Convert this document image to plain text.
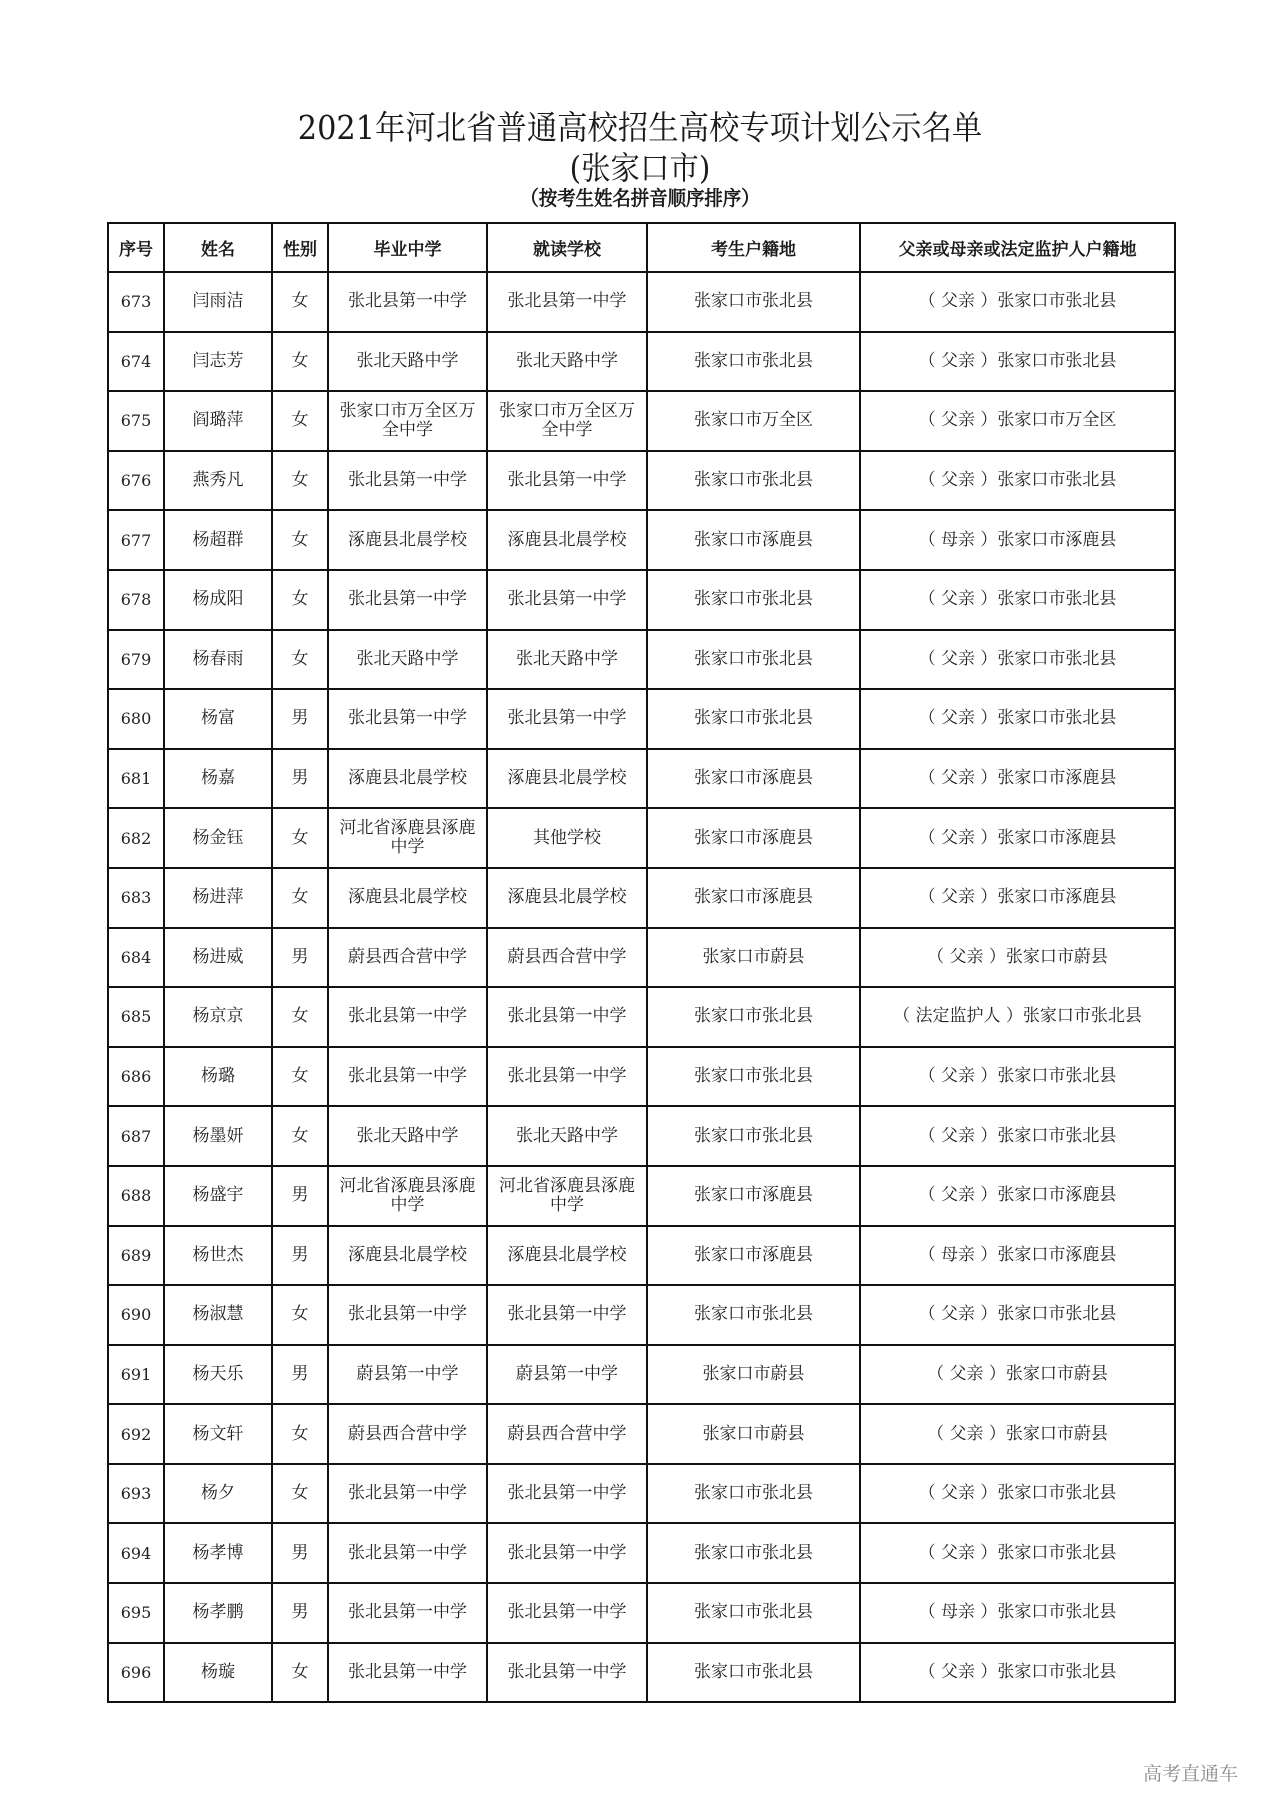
2021年河北省普通高校招生高校专项计划公示名单
(张家口市)
（按考生姓名拼音顺序排序）
序号	姓名	性别	毕业中学	就读学校	考生户籍地	父亲或母亲或法定监护人户籍地
673	闫雨洁	女	张北县第一中学	张北县第一中学	张家口市张北县	（ 父亲 ）张家口市张北县
674	闫志芳	女	张北天路中学	张北天路中学	张家口市张北县	（ 父亲 ）张家口市张北县
675	阎璐萍	女	张家口市万全区万全中学	张家口市万全区万全中学	张家口市万全区	（ 父亲 ）张家口市万全区
676	燕秀凡	女	张北县第一中学	张北县第一中学	张家口市张北县	（ 父亲 ）张家口市张北县
677	杨超群	女	涿鹿县北晨学校	涿鹿县北晨学校	张家口市涿鹿县	（ 母亲 ）张家口市涿鹿县
678	杨成阳	女	张北县第一中学	张北县第一中学	张家口市张北县	（ 父亲 ）张家口市张北县
679	杨春雨	女	张北天路中学	张北天路中学	张家口市张北县	（ 父亲 ）张家口市张北县
680	杨富	男	张北县第一中学	张北县第一中学	张家口市张北县	（ 父亲 ）张家口市张北县
681	杨嘉	男	涿鹿县北晨学校	涿鹿县北晨学校	张家口市涿鹿县	（ 父亲 ）张家口市涿鹿县
682	杨金钰	女	河北省涿鹿县涿鹿中学	其他学校	张家口市涿鹿县	（ 父亲 ）张家口市涿鹿县
683	杨进萍	女	涿鹿县北晨学校	涿鹿县北晨学校	张家口市涿鹿县	（ 父亲 ）张家口市涿鹿县
684	杨进威	男	蔚县西合营中学	蔚县西合营中学	张家口市蔚县	（ 父亲 ）张家口市蔚县
685	杨京京	女	张北县第一中学	张北县第一中学	张家口市张北县	（ 法定监护人 ）张家口市张北县
686	杨璐	女	张北县第一中学	张北县第一中学	张家口市张北县	（ 父亲 ）张家口市张北县
687	杨墨妍	女	张北天路中学	张北天路中学	张家口市张北县	（ 父亲 ）张家口市张北县
688	杨盛宇	男	河北省涿鹿县涿鹿中学	河北省涿鹿县涿鹿中学	张家口市涿鹿县	（ 父亲 ）张家口市涿鹿县
689	杨世杰	男	涿鹿县北晨学校	涿鹿县北晨学校	张家口市涿鹿县	（ 母亲 ）张家口市涿鹿县
690	杨淑慧	女	张北县第一中学	张北县第一中学	张家口市张北县	（ 父亲 ）张家口市张北县
691	杨天乐	男	蔚县第一中学	蔚县第一中学	张家口市蔚县	（ 父亲 ）张家口市蔚县
692	杨文轩	女	蔚县西合营中学	蔚县西合营中学	张家口市蔚县	（ 父亲 ）张家口市蔚县
693	杨夕	女	张北县第一中学	张北县第一中学	张家口市张北县	（ 父亲 ）张家口市张北县
694	杨孝博	男	张北县第一中学	张北县第一中学	张家口市张北县	（ 父亲 ）张家口市张北县
695	杨孝鹏	男	张北县第一中学	张北县第一中学	张家口市张北县	（ 母亲 ）张家口市张北县
696	杨璇	女	张北县第一中学	张北县第一中学	张家口市张北县	（ 父亲 ）张家口市张北县
高考直通车
